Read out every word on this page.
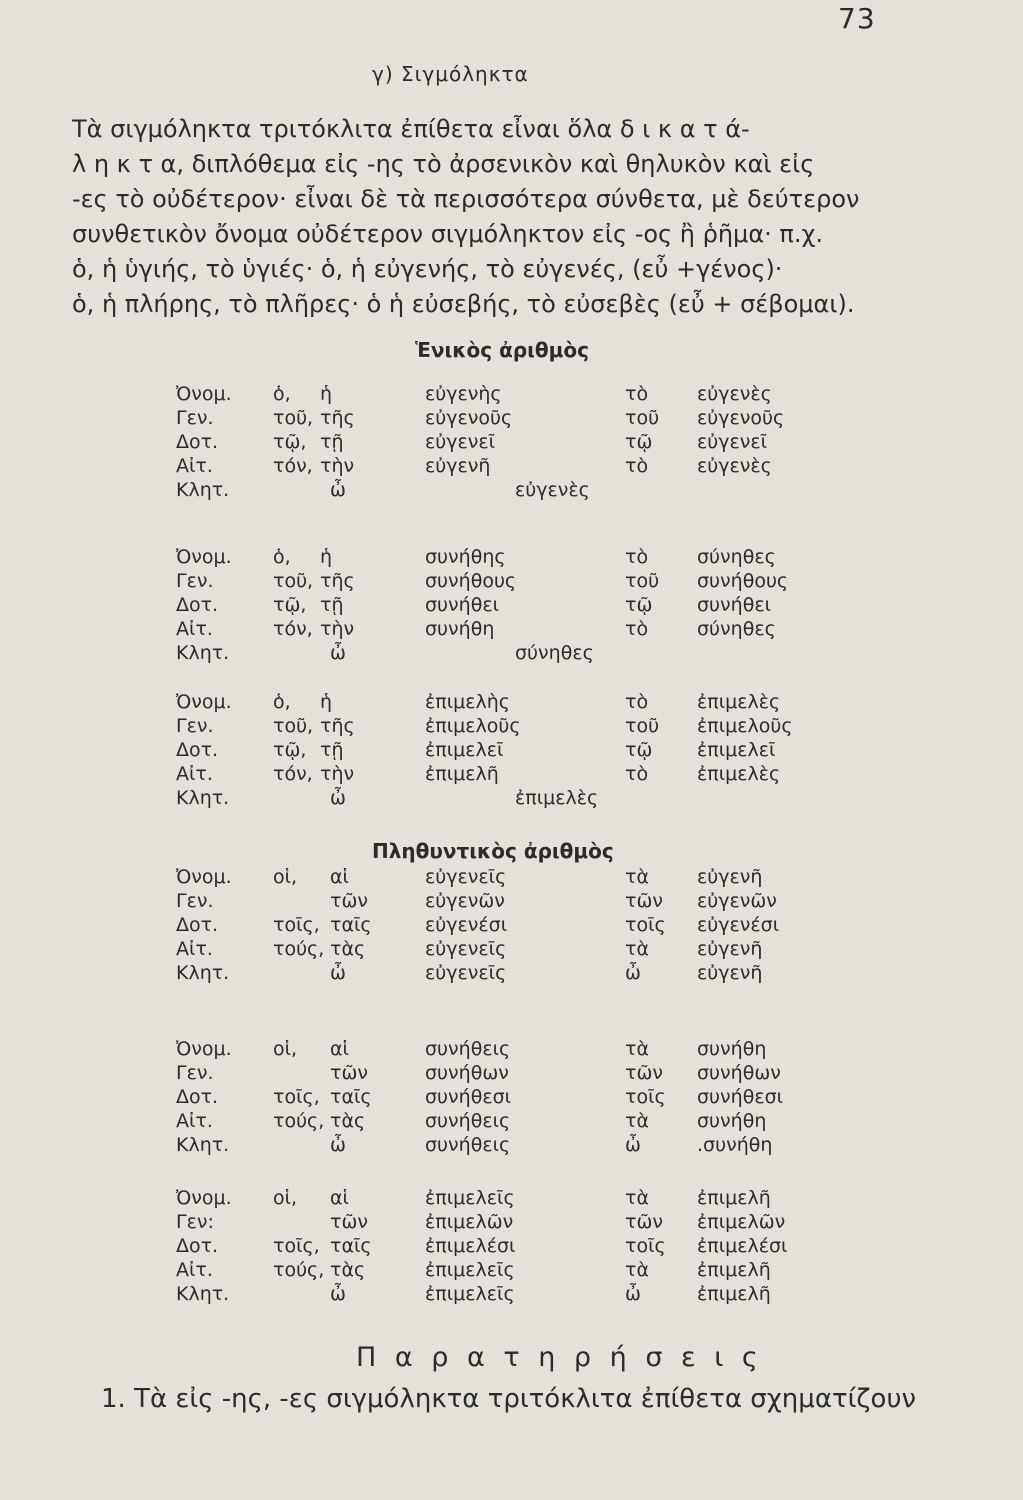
73
γ) Σιγμόληκτα
Τὰ σιγμόληκτα τριτόκλιτα ἐπίθετα εἶναι ὅλα δ ι κ α τ ά-
λ η κ τ α, διπλόθεμα εἰς -ης τὸ ἀρσενικὸν καὶ θηλυκὸν καὶ εἰς
-ες τὸ οὐδέτερον· εἶναι δὲ τὰ περισσότερα σύνθετα, μὲ δεύτερον
συνθετικὸν ὄνομα οὐδέτερον σιγμόληκτον εἰς -ος ἢ ῥῆμα· π.χ.
ὁ, ἡ ὑγιής, τὸ ὑγιές· ὁ, ἡ εὐγενής, τὸ εὐγενές, (εὖ +γένος)·
ὁ, ἡ πλήρης, τὸ πλῆρες· ὁ ἡ εὐσεβής, τὸ εὐσεβὲς (εὖ + σέβομαι).
Ἑνικὸς ἀριθμὸς
Ὀνομ. ὁ, ἡ	εὐγενὴς	τὸ	εὐγενὲς
Γεν.	τοῦ, τῆς	εὐγενοῦς	τοῦ εὐγενοῦς
Δοτ.	τῷ, τῇ	εὐγενεῖ	τῷ εὐγενεῖ
Αἰτ.	τόν, τὴν	εὐγενῆ	τὸ	εὐγενὲς
Κλητ.	ὦ	εὐγενὲς
Ὀνομ. ὁ, ἡ	συνήθης	τὸ	σύνηθες
Γεν.	τοῦ, τῆς	συνήθους	τοῦ συνήθους
Δοτ.	τῷ, τῇ	συνήθει	τῷ συνήθει
Αἰτ.	τόν, τὴν	συνήθη	τὸ	σύνηθες
Κλητ.	ὦ	σύνηθες
Ὀνομ. ὁ, ἡ	ἐπιμελὴς	τὸ	ἐπιμελὲς
Γεν.	τοῦ, τῆς	ἐπιμελοῦς	τοῦ ἐπιμελοῦς
Δοτ.	τῷ, τῇ	ἐπιμελεῖ	τῷ ἐπιμελεῖ
Αἰτ.	τόν, τὴν	ἐπιμελῆ	τὸ	ἐπιμελὲς
Κλητ.	ὦ	ἐπιμελὲς
Πληθυντικὸς ἀριθμὸς
Ὀνομ. οἱ, αἱ	εὐγενεῖς	τὰ	εὐγενῆ
Γεν.	τῶν	εὐγενῶν	τῶν εὐγενῶν
Δοτ.	τοῖς, ταῖς	εὐγενέσι	τοῖς εὐγενέσι
Αἰτ.	τούς, τὰς	εὐγενεῖς	τὰ	εὐγενῆ
Κλητ.	ὦ	εὐγενεῖς	ὦ	εὐγενῆ
Ὀνομ. οἱ, αἱ	συνήθεις	τὰ	συνήθη
Γεν.	τῶν	συνήθων	τῶν συνήθων
Δοτ.	τοῖς, ταῖς	συνήθεσι	τοῖς συνήθεσι
Αἰτ.	τούς, τὰς	συνήθεις	τὰ	συνήθη
Κλητ.	ὦ	συνήθεις	ὦ	.συνήθη
Ὀνομ. οἱ, αἱ	ἐπιμελεῖς	τὰ	ἐπιμελῆ
Γεν:	τῶν	ἐπιμελῶν	τῶν ἐπιμελῶν
Δοτ.	τοῖς, ταῖς	ἐπιμελέσι	τοῖς ἐπιμελέσι
Αἰτ.	τούς, τὰς	ἐπιμελεῖς	τὰ	ἐπιμελῆ
Κλητ.	ὦ	ἐπιμελεῖς	ὦ	ἐπιμελῆ
Π α ρ α τ η ρ ή σ ε ι ς
1. Τὰ εἰς -ης, -ες σιγμόληκτα τριτόκλιτα ἐπίθετα σχηματίζουν
